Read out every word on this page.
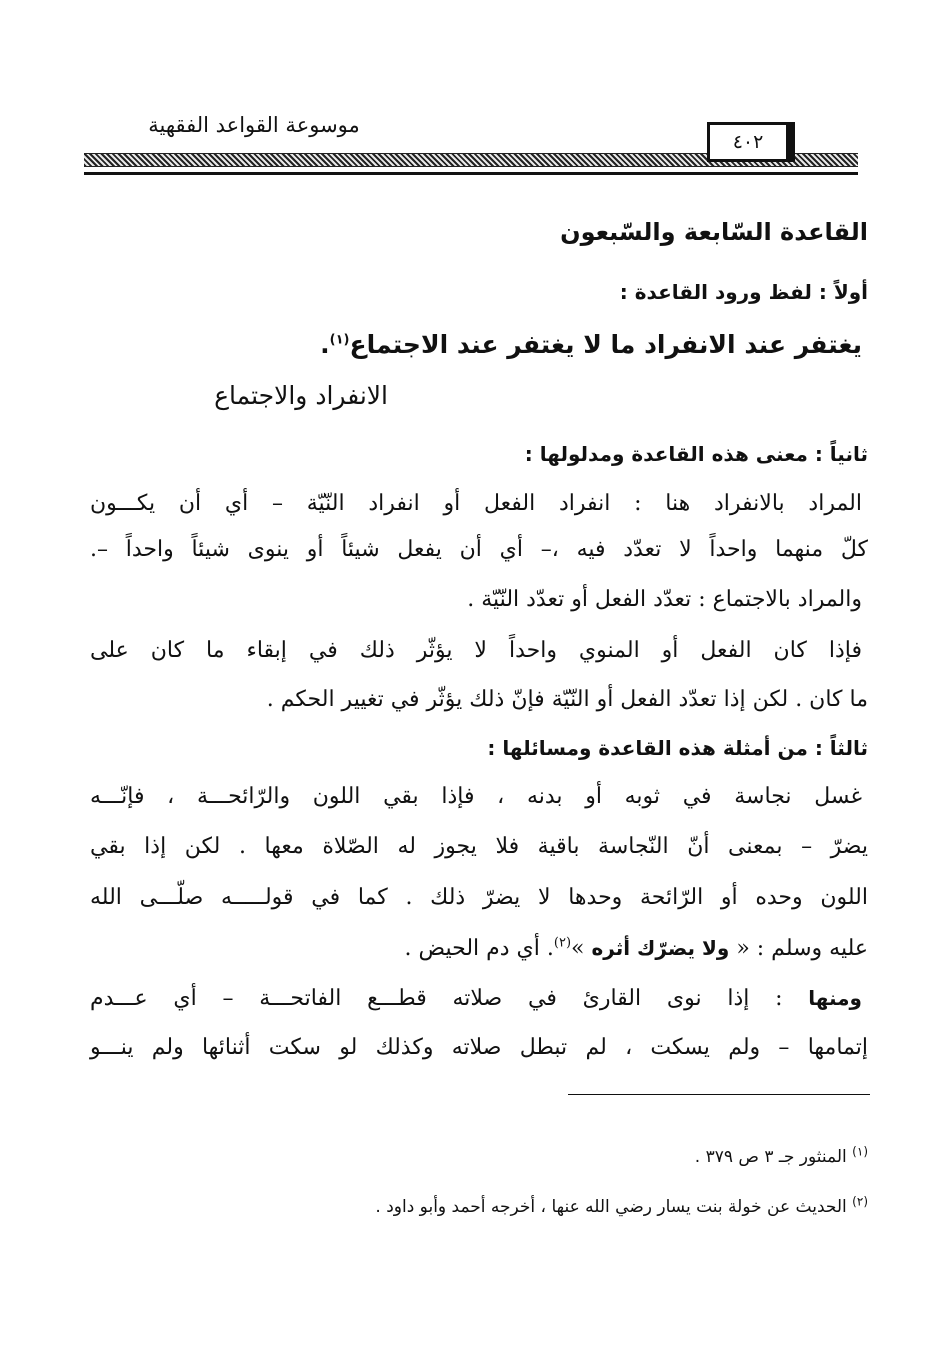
موسوعة القواعد الفقهية
٤٠٢
القاعدة السّابعة والسّبعون
أولاً : لفظ ورود القاعدة :
يغتفر عند الانفراد ما لا يغتفر عند الاجتماع$^{(١)}$.
الانفراد والاجتماع
ثانياً : معنى هذه القاعدة ومدلولها :
المراد بالانفراد هنا : انفراد الفعل أو انفراد النّيّة – أي أن يكـــون
كلّ منهما واحداً لا تعدّد فيه ،– أي أن يفعل شيئاً أو ينوى شيئاً واحداً –.
والمراد بالاجتماع : تعدّد الفعل أو تعدّد النّيّة .
فإذا كان الفعل أو المنوي واحداً لا يؤثّر ذلك في إبقاء ما كان على
ما كان . لكن إذا تعدّد الفعل أو النّيّة فإنّ ذلك يؤثّر في تغيير الحكم .
ثالثاً : من أمثلة هذه القاعدة ومسائلها :
غسل نجاسة في ثوبه أو بدنه ، فإذا بقي اللون والرّائحـــة ، فإنّـــه
يضرّ – بمعنى أنّ النّجاسة باقية فلا يجوز له الصّلاة معها . لكن إذا بقي
اللون وحده أو الرّائحة وحدها لا يضرّ ذلك . كما في قولـــــه صلّـــى الله
عليه وسلم : « ولا يضرّك أثره »$^{(٢)}$. أي دم الحيض .
ومنها : إذا نوى القارئ في صلاته قطـــع الفاتحـــة – أي عـــدم
إتمامها – ولم يسكت ، لم تبطل صلاته وكذلك لو سكت أثنائها ولم ينـــو
$^{(١)}$ المنثور جـ ٣ ص ٣٧٩ .
$^{(٢)}$ الحديث عن خولة بنت يسار رضي الله عنها ، أخرجه أحمد وأبو داود .
